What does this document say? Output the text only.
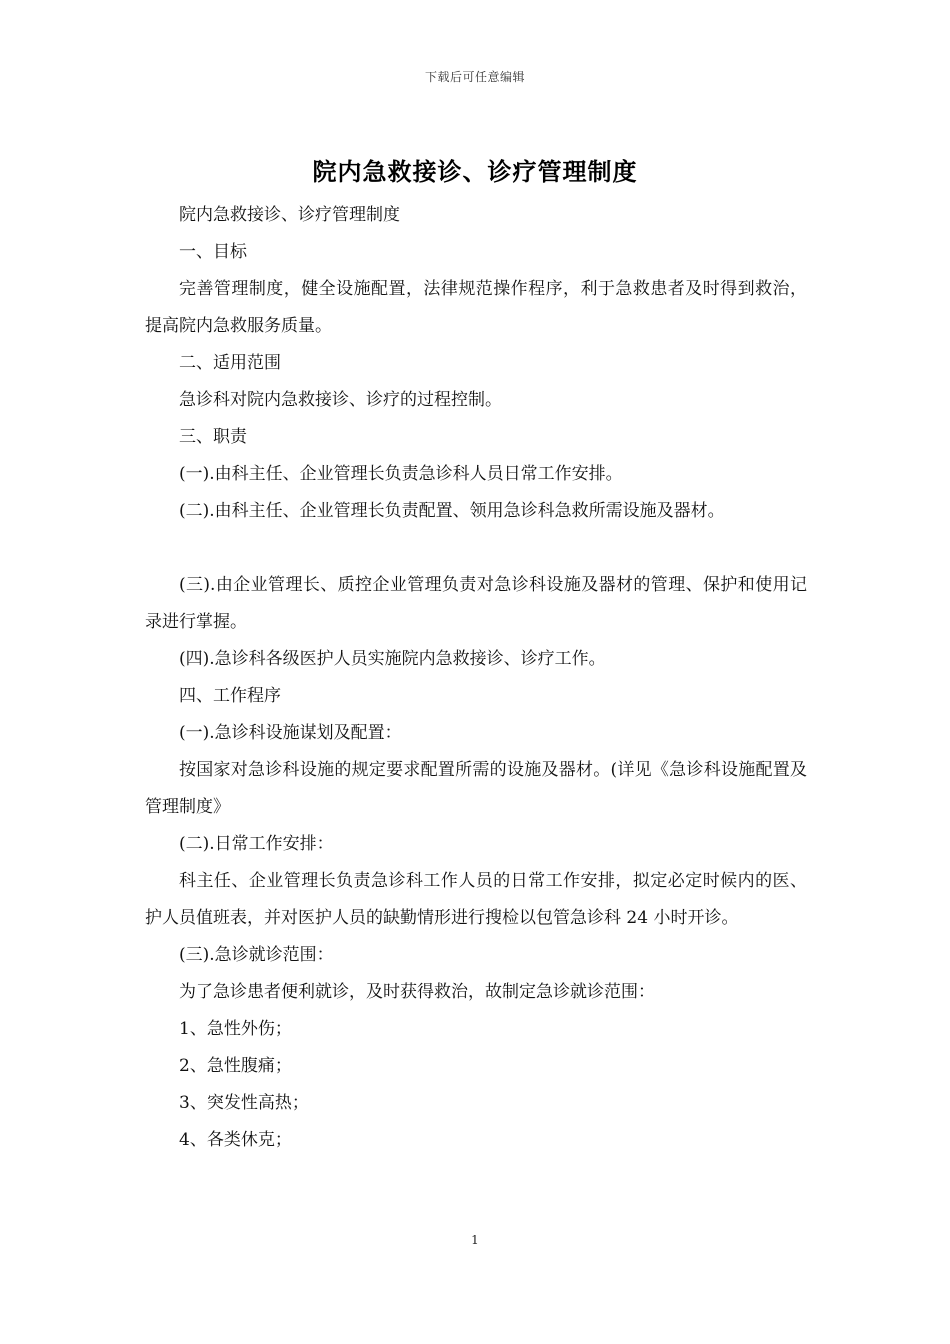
下载后可任意编辑
院内急救接诊、诊疗管理制度

院内急救接诊、诊疗管理制度

一、目标

完善管理制度，健全设施配置，法律规范操作程序，利于急救患者及时得到救治，提高院内急救服务质量。

二、适用范围

急诊科对院内急救接诊、诊疗的过程控制。

三、职责

(一).由科主任、企业管理长负责急诊科人员日常工作安排。

(二).由科主任、企业管理长负责配置、领用急诊科急救所需设施及器材。

(三).由企业管理长、质控企业管理负责对急诊科设施及器材的管理、保护和使用记录进行掌握。

(四).急诊科各级医护人员实施院内急救接诊、诊疗工作。

四、工作程序

(一).急诊科设施谋划及配置：

按国家对急诊科设施的规定要求配置所需的设施及器材。(详见《急诊科设施配置及管理制度》

(二).日常工作安排：

科主任、企业管理长负责急诊科工作人员的日常工作安排，拟定必定时候内的医、护人员值班表，并对医护人员的缺勤情形进行搜检以包管急诊科 24 小时开诊。

(三).急诊就诊范围：

为了急诊患者便利就诊，及时获得救治，故制定急诊就诊范围：

1、急性外伤；

2、急性腹痛；

3、突发性高热；

4、各类休克；

1
